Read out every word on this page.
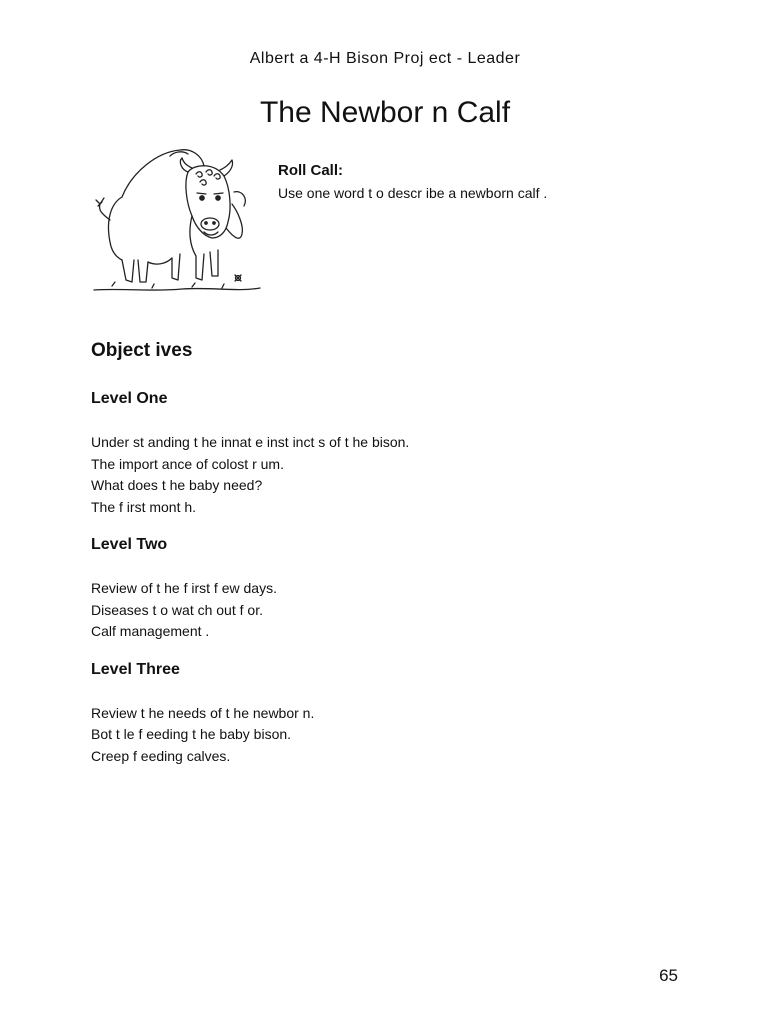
Albert a 4-H Bison Proj ect - Leader
The Newbor n Calf

Roll Call:

Use one word t o descr ibe a newborn calf .

Object ives
Level One
Under st anding t he innat e inst inct s of t he bison.
The import ance of colost r um.
What does t he baby need?
The f irst mont h.
Level Two
Review of t he f irst f ew days.
Diseases t o wat ch out f or.
Calf management .
Level Three
Review t he needs of t he newbor n.
Bot t le f eeding t he baby bison.
Creep f eeding calves.
65
